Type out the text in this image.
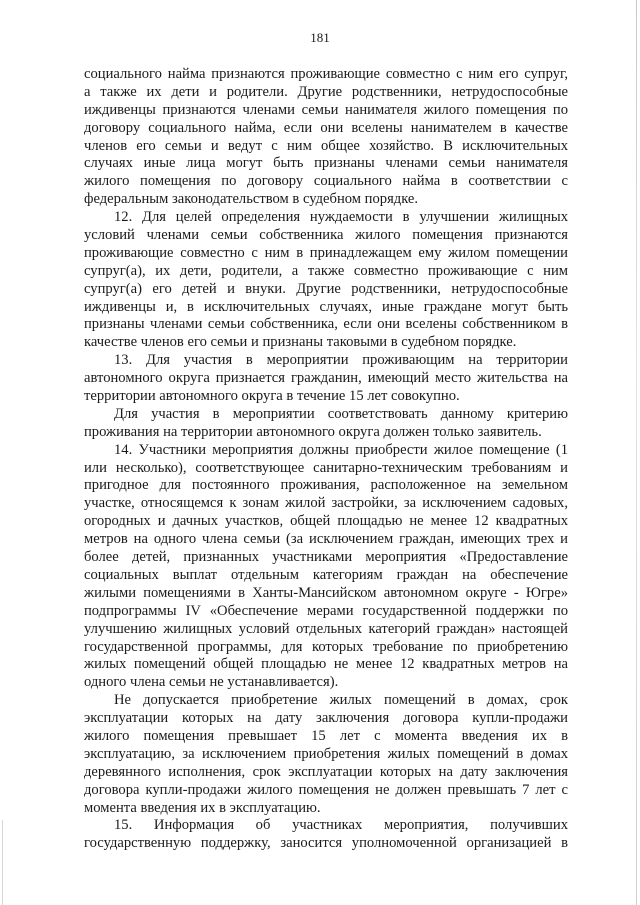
181
социального найма признаются проживающие совместно с ним его супруг,
а также их дети и родители. Другие родственники, нетрудоспособные
иждивенцы признаются членами семьи нанимателя жилого помещения по
договору социального найма, если они вселены нанимателем в качестве
членов его семьи и ведут с ним общее хозяйство. В исключительных
случаях иные лица могут быть признаны членами семьи нанимателя
жилого помещения по договору социального найма в соответствии с
федеральным законодательством в судебном порядке.
12. Для целей определения нуждаемости в улучшении жилищных
условий членами семьи собственника жилого помещения признаются
проживающие совместно с ним в принадлежащем ему жилом помещении
супруг(а), их дети, родители, а также совместно проживающие с ним
супруг(а) его детей и внуки. Другие родственники, нетрудоспособные
иждивенцы и, в исключительных случаях, иные граждане могут быть
признаны членами семьи собственника, если они вселены собственником в
качестве членов его семьи и признаны таковыми в судебном порядке.
13. Для участия в мероприятии проживающим на территории
автономного округа признается гражданин, имеющий место жительства на
территории автономного округа в течение 15 лет совокупно.
Для участия в мероприятии соответствовать данному критерию
проживания на территории автономного округа должен только заявитель.
14. Участники мероприятия должны приобрести жилое помещение (1
или несколько), соответствующее санитарно-техническим требованиям и
пригодное для постоянного проживания, расположенное на земельном
участке, относящемся к зонам жилой застройки, за исключением садовых,
огородных и дачных участков, общей площадью не менее 12 квадратных
метров на одного члена семьи (за исключением граждан, имеющих трех и
более детей, признанных участниками мероприятия «Предоставление
социальных выплат отдельным категориям граждан на обеспечение
жилыми помещениями в Ханты-Мансийском автономном округе - Югре»
подпрограммы IV «Обеспечение мерами государственной поддержки по
улучшению жилищных условий отдельных категорий граждан» настоящей
государственной программы, для которых требование по приобретению
жилых помещений общей площадью не менее 12 квадратных метров на
одного члена семьи не устанавливается).
Не допускается приобретение жилых помещений в домах, срок
эксплуатации которых на дату заключения договора купли-продажи
жилого помещения превышает 15 лет с момента введения их в
эксплуатацию, за исключением приобретения жилых помещений в домах
деревянного исполнения, срок эксплуатации которых на дату заключения
договора купли-продажи жилого помещения не должен превышать 7 лет с
момента введения их в эксплуатацию.
15. Информация об участниках мероприятия, получивших
государственную поддержку, заносится уполномоченной организацией в
